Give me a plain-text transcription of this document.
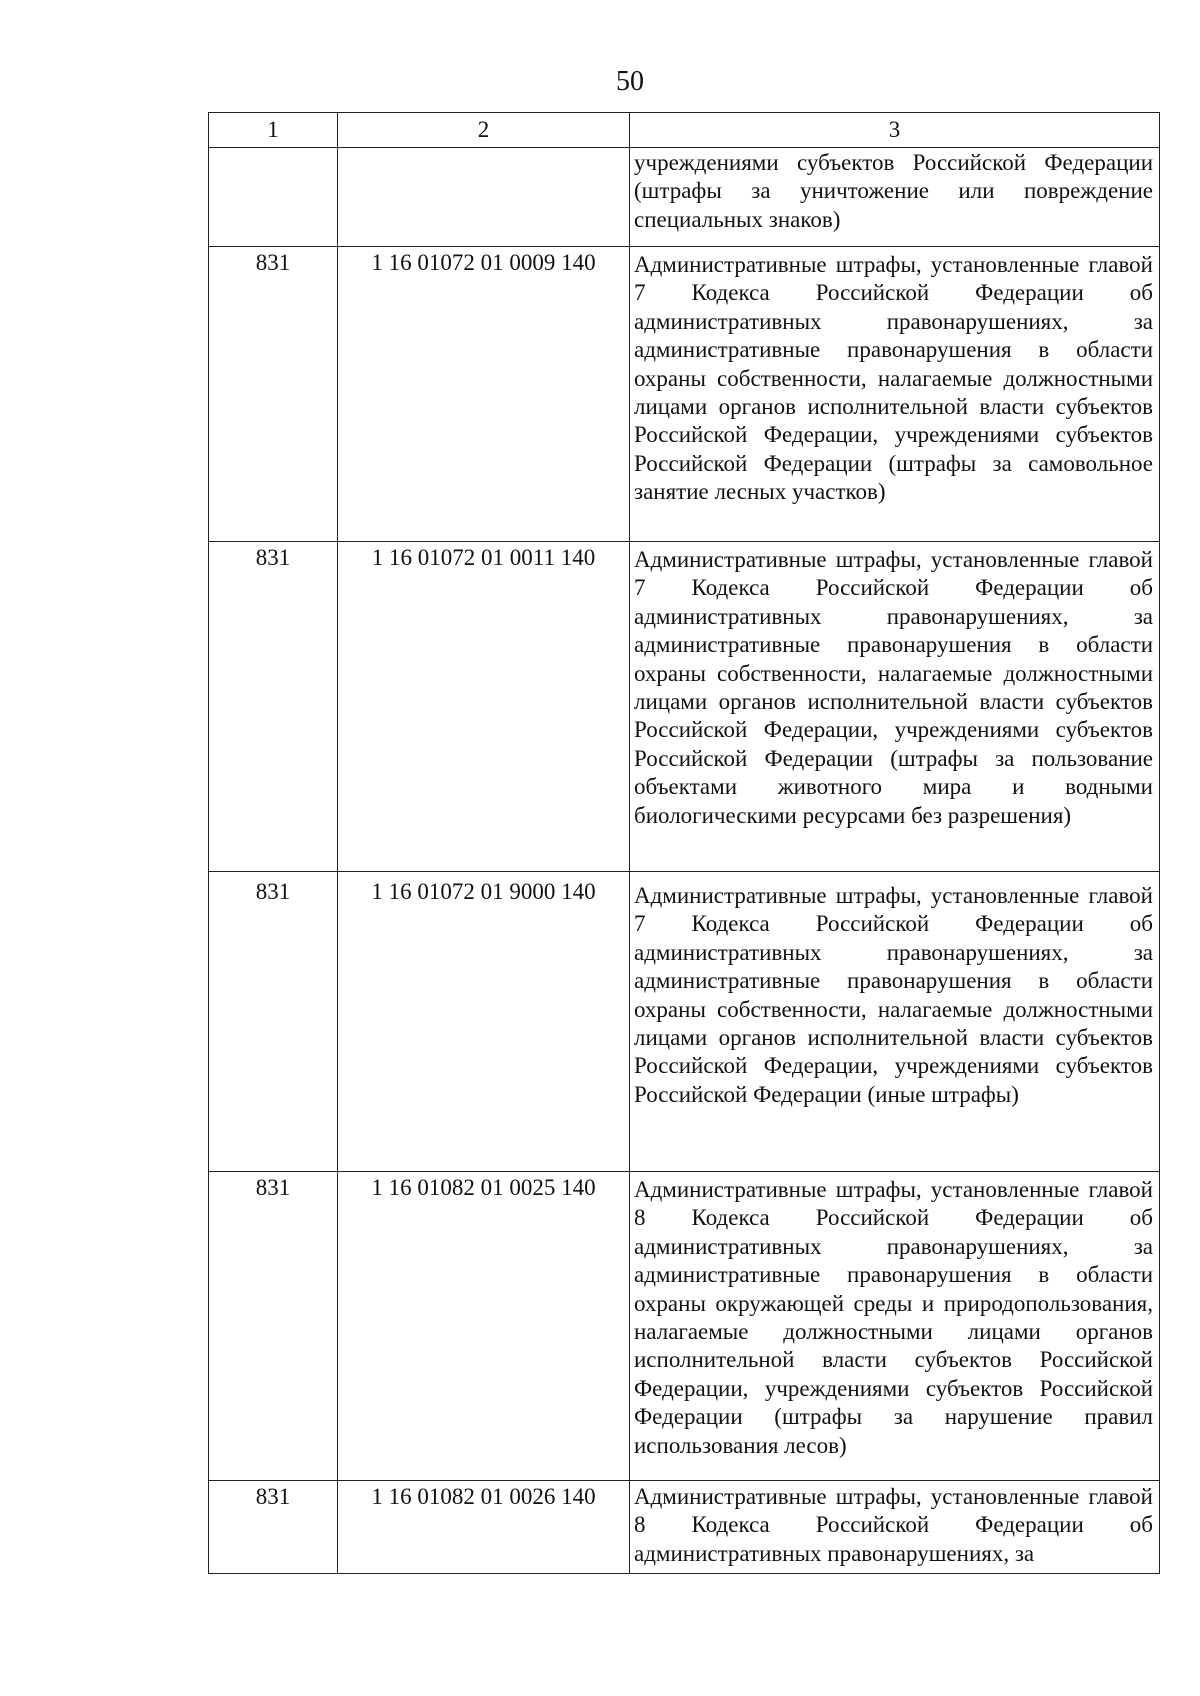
50
1	2	3

		учреждениями субъектов Российской Федерации (штрафы за уничтожение или повреждение специальных знаков)

831	1 16 01072 01 0009 140	Административные штрафы, установленные главой 7 Кодекса Российской Федерации об административных правонарушениях, за административные правонарушения в области охраны собственности, налагаемые должностными лицами органов исполнительной власти субъектов Российской Федерации, учреждениями субъектов Российской Федерации (штрафы за самовольное занятие лесных участков)

831	1 16 01072 01 0011 140	Административные штрафы, установленные главой 7 Кодекса Российской Федерации об административных правонарушениях, за административные правонарушения в области охраны собственности, налагаемые должностными лицами органов исполнительной власти субъектов Российской Федерации, учреждениями субъектов Российской Федерации (штрафы за пользование объектами животного мира и водными биологическими ресурсами без разрешения)

831	1 16 01072 01 9000 140	Административные штрафы, установленные главой 7 Кодекса Российской Федерации об административных правонарушениях, за административные правонарушения в области охраны собственности, налагаемые должностными лицами органов исполнительной власти субъектов Российской Федерации, учреждениями субъектов Российской Федерации (иные штрафы)

831	1 16 01082 01 0025 140	Административные штрафы, установленные главой 8 Кодекса Российской Федерации об административных правонарушениях, за административные правонарушения в области охраны окружающей среды и природопользования, налагаемые должностными лицами органов исполнительной власти субъектов Российской Федерации, учреждениями субъектов Российской Федерации (штрафы за нарушение правил использования лесов)

831	1 16 01082 01 0026 140	Административные штрафы, установленные главой 8 Кодекса Российской Федерации об административных правонарушениях, за
